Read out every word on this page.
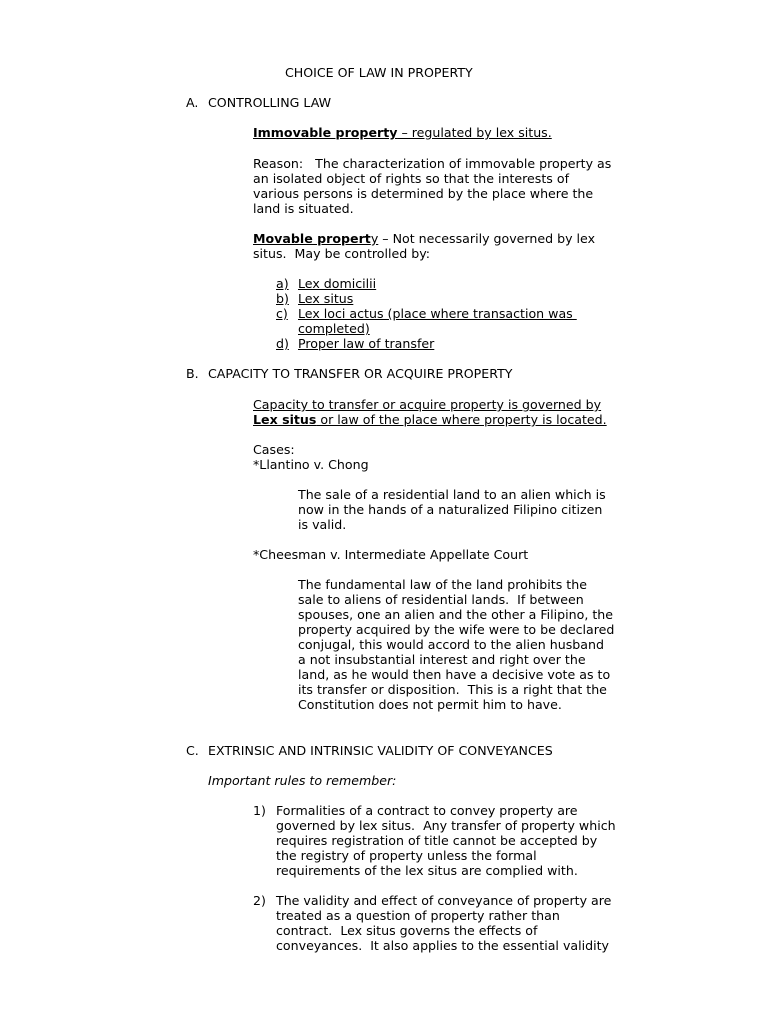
CHOICE OF LAW IN PROPERTY
A. CONTROLLING LAW
Immovable property – regulated by lex situs.
Reason:   The characterization of immovable property as
an isolated object of rights so that the interests of
various persons is determined by the place where the
land is situated.
Movable property – Not necessarily governed by lex
situs.  May be controlled by:
a) Lex domicilii
b) Lex situs
c) Lex loci actus (place where transaction was
completed)
d) Proper law of transfer
B. CAPACITY TO TRANSFER OR ACQUIRE PROPERTY
Capacity to transfer or acquire property is governed by
Lex situs or law of the place where property is located.
Cases:
*Llantino v. Chong
The sale of a residential land to an alien which is
now in the hands of a naturalized Filipino citizen
is valid.
*Cheesman v. Intermediate Appellate Court
The fundamental law of the land prohibits the
sale to aliens of residential lands.  If between
spouses, one an alien and the other a Filipino, the
property acquired by the wife were to be declared
conjugal, this would accord to the alien husband
a not insubstantial interest and right over the
land, as he would then have a decisive vote as to
its transfer or disposition.  This is a right that the
Constitution does not permit him to have.
C. EXTRINSIC AND INTRINSIC VALIDITY OF CONVEYANCES
Important rules to remember:
1) Formalities of a contract to convey property are
governed by lex situs.  Any transfer of property which
requires registration of title cannot be accepted by
the registry of property unless the formal
requirements of the lex situs are complied with.
2) The validity and effect of conveyance of property are
treated as a question of property rather than
contract.  Lex situs governs the effects of
conveyances.  It also applies to the essential validity
